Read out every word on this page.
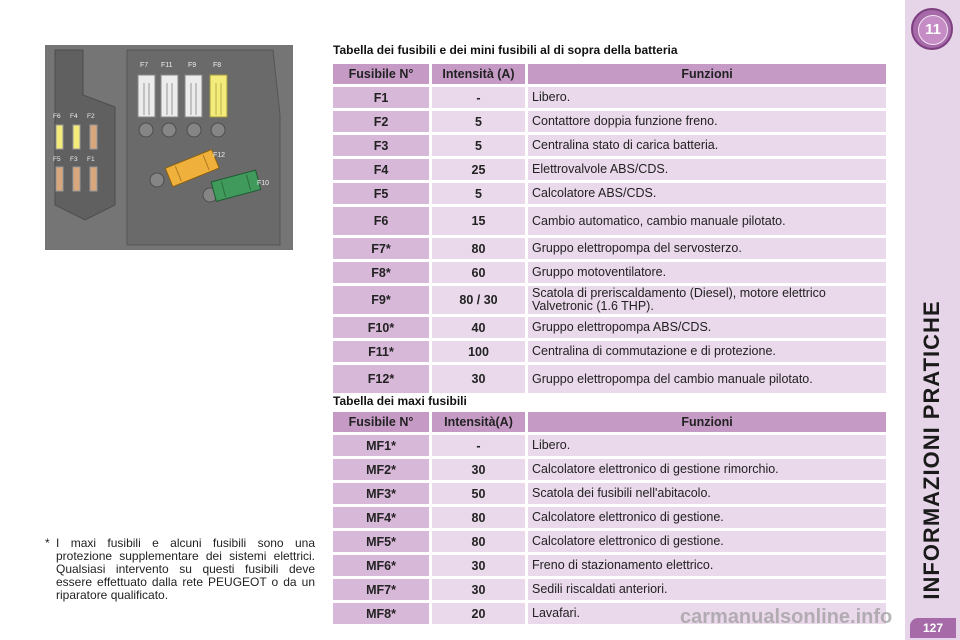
11
INFORMAZIONI PRATICHE
127
F7 F11 F9 F8
F6 F4 F2
F5 F3 F1
F12
F10
Tabella dei fusibili e dei mini fusibili al di sopra della batteria
Fusibile N°	Intensità (A)	Funzioni
F1	-	Libero.
F2	5	Contattore doppia funzione freno.
F3	5	Centralina stato di carica batteria.
F4	25	Elettrovalvole ABS/CDS.
F5	5	Calcolatore ABS/CDS.
F6	15	Cambio automatico, cambio manuale pilotato.
F7*	80	Gruppo elettropompa del servosterzo.
F8*	60	Gruppo motoventilatore.
F9*	80 / 30	Scatola di preriscaldamento (Diesel), motore elettrico Valvetronic (1.6 THP).
F10*	40	Gruppo elettropompa ABS/CDS.
F11*	100	Centralina di commutazione e di protezione.
F12*	30	Gruppo elettropompa del cambio manuale pilotato.
Tabella dei maxi fusibili
Fusibile N°	Intensità(A)	Funzioni
MF1*	-	Libero.
MF2*	30	Calcolatore elettronico di gestione rimorchio.
MF3*	50	Scatola dei fusibili nell'abitacolo.
MF4*	80	Calcolatore elettronico di gestione.
MF5*	80	Calcolatore elettronico di gestione.
MF6*	30	Freno di stazionamento elettrico.
MF7*	30	Sedili riscaldati anteriori.
MF8*	20	Lavafari.
* I maxi fusibili e alcuni fusibili sono una protezione supplementare dei sistemi elettrici. Qualsiasi intervento su questi fusibili deve essere effettuato dalla rete PEUGEOT o da un riparatore qualificato.
carmanualsonline.info
